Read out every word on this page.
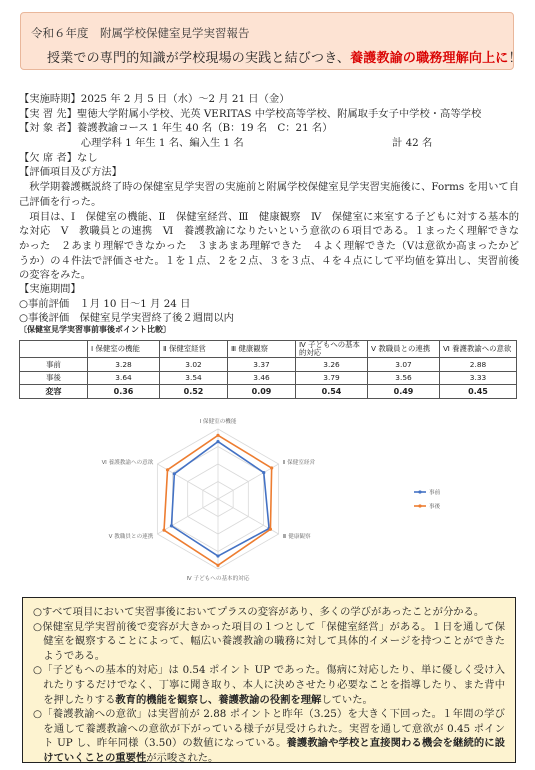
令和６年度　附属学校保健室見学実習報告
授業での専門的知識が学校現場の実践と結びつき、養護教諭の職務理解向上に！
【実施時期】2025 年 2 月 5 日（水）～2 月 21 日（金）
【実 習 先】聖徳大学附属小学校、光英 VERITAS 中学校高等学校、附属取手女子中学校・高等学校
【対 象 者】養護教諭コース 1 年生 40 名（B：19 名　C：21 名）
　　　　　　心理学科 1 年生 1 名、編入生 1 名	計 42 名
【欠 席 者】なし
【評価項目及び方法】
　秋学期養護概説終了時の保健室見学実習の実施前と附属学校保健室見学実習実施後に、Forms を用いて自己評価を行った。
　項目は、Ⅰ　保健室の機能、Ⅱ　保健室経営、Ⅲ　健康観察　Ⅳ　保健室に来室する子どもに対する基本的な対応　Ⅴ　教職員との連携　Ⅵ　養護教諭になりたいという意欲の６項目である。１まったく理解できなかった　２あまり理解できなかった　３まあまあ理解できた　４よく理解できた（Ⅴは意欲か高まったかどうか）の４件法で評価させた。１を１点、２を２点、３を３点、４を４点にして平均値を算出し、実習前後の変容をみた。
【実施期間】
○事前評価　１月 10 日～1 月 24 日
○事後評価　保健室見学実習終了後２週間以内
〔保健室見学実習事前事後ポイント比較〕
	Ⅰ 保健室の機能	Ⅱ 保健室経営	Ⅲ 健康観察	Ⅳ 子どもへの基本的対応	Ⅴ 教職員との連携	Ⅵ 養護教諭への意欲
事前	3.28	3.02	3.37	3.26	3.07	2.88
事後	3.64	3.54	3.46	3.79	3.56	3.33
変容	0.36	0.52	0.09	0.54	0.49	0.45
Ⅰ 保健室の機能
Ⅱ 保健室経営
Ⅲ 健康観察
Ⅳ 子どもへの基本的対応
Ⅴ 教職員との連携
Ⅵ 養護教諭への意欲
事前
事後

○すべて項目において実習事後においてプラスの変容があり、多くの学びがあったことが分かる。

○保健室見学実習前後で変容が大きかった項目の１つとして「保健室経営」がある。１日を通して保健室を観察することによって、幅広い養護教諭の職務に対して具体的イメージを持つことができたようである。

○「子どもへの基本的対応」は 0.54 ポイント UP であった。傷病に対応したり、単に優しく受け入れたりするだけでなく、丁寧に聞き取り、本人に決めさせたり必要なことを指導したり、また背中を押したりする教育的機能を観察し、養護教諭の役割を理解していた。

○「養護教諭への意欲」は実習前が 2.88 ポイントと昨年（3.25）を大きく下回った。１年間の学びを通して養護教諭への意欲が下がっている様子が見受けられた。実習を通して意欲が 0.45 ポイント UP し、昨年同様（3.50）の数値になっている。養護教諭や学校と直接関わる機会を継続的に設けていくことの重要性が示唆された。
